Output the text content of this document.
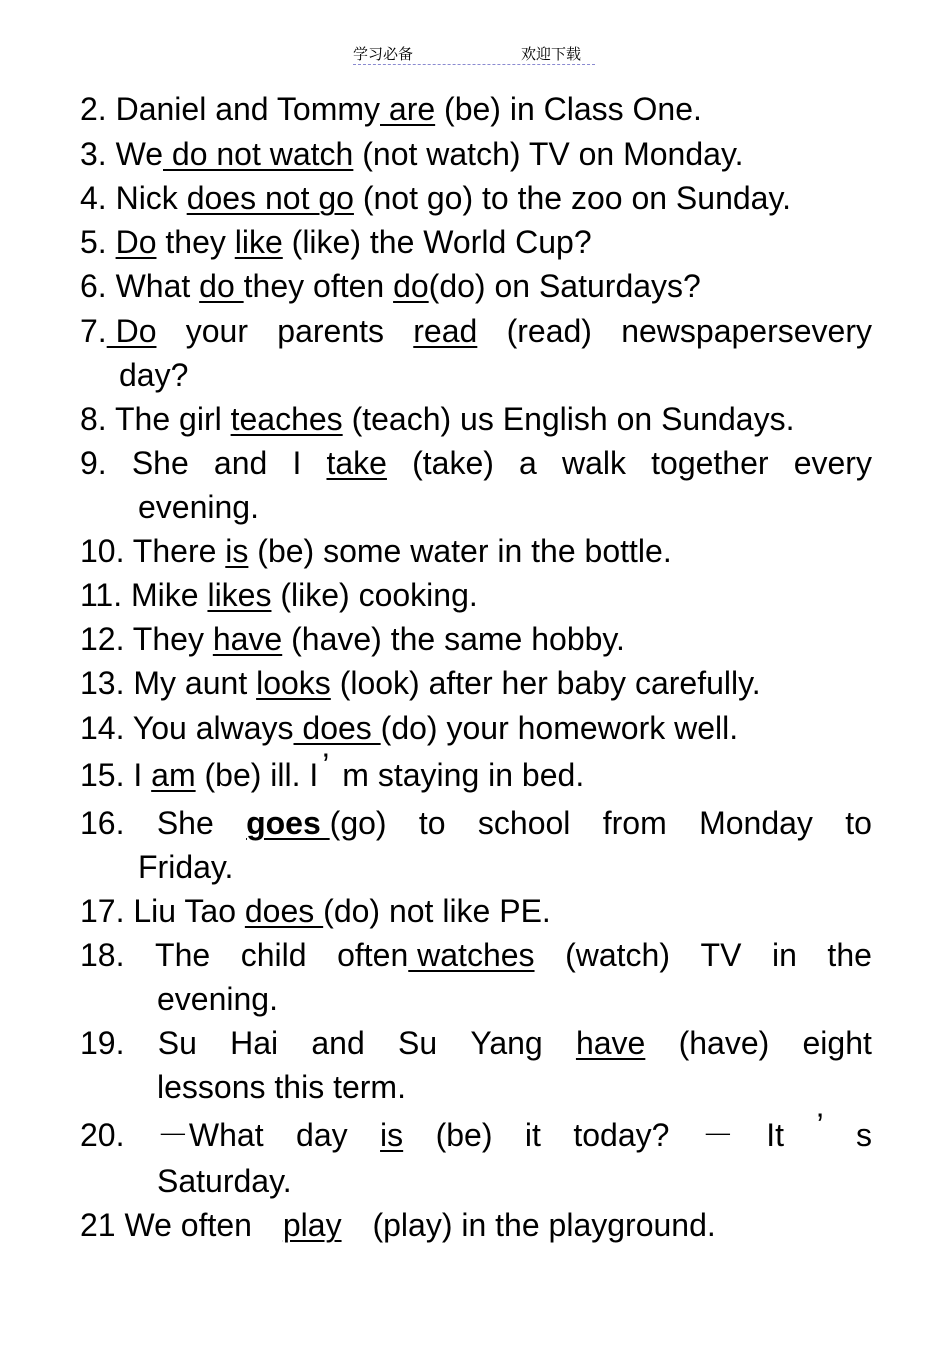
学习必备	欢迎下载
2. Daniel and Tommy are (be) in Class One.
3. We do not watch (not watch) TV on Monday.
4. Nick does not go (not go) to the zoo on Sunday.
5. Do they like (like) the World Cup?
6. What do they often do(do) on Saturdays?
7. Do your parents read (read) newspapersevery
day?
8. The girl teaches (teach) us English on Sundays.
9. She and I take (take) a walk together every
evening.
10. There is (be) some water in the bottle.
11. Mike likes (like) cooking.
12. They have (have) the same hobby.
13. My aunt looks (look) after her baby carefully.
14. You always does (do) your homework well.
15. I am (be) ill. I ’ m staying in bed.
16. She goes (go) to school from Monday to
Friday.
17. Liu Tao does (do) not like PE.
18. The child often watches (watch) TV in the
evening.
19. Su Hai and Su Yang have (have) eight
lessons this term.
20. －What day is (be) it today? － It ’ s
Saturday.
21 We often play (play) in the playground.
